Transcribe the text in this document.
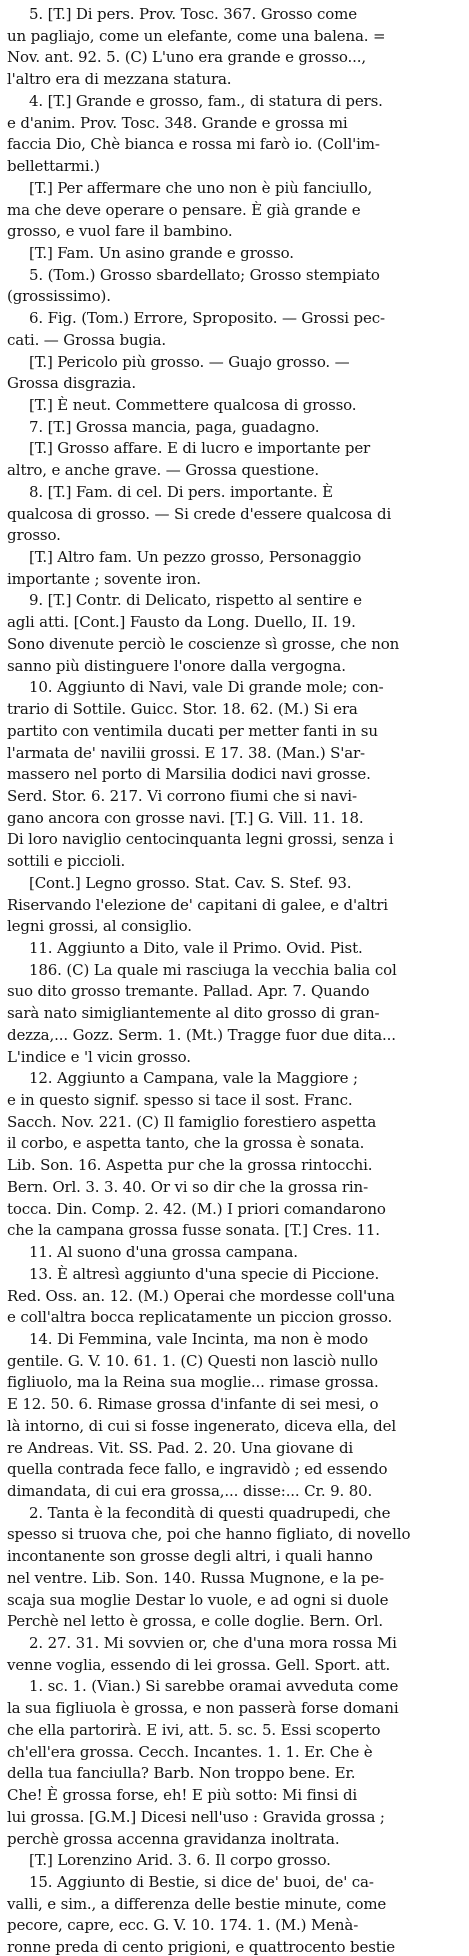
5. [T.] Di pers. Prov. Tosc. 367. Grosso come
un pagliajo, come un elefante, come una balena. =
Nov. ant. 92. 5. (C) L'uno era grande e grosso...,
l'altro era di mezzana statura.
4. [T.] Grande e grosso, fam., di statura di pers.
e d'anim. Prov. Tosc. 348. Grande e grossa mi
faccia Dio, Chè bianca e rossa mi farò io. (Coll'im-
bellettarmi.)
[T.] Per affermare che uno non è più fanciullo,
ma che deve operare o pensare. È già grande e
grosso, e vuol fare il bambino.
[T.] Fam. Un asino grande e grosso.
5. (Tom.) Grosso sbardellato; Grosso stempiato
(grossissimo).
6. Fig. (Tom.) Errore, Sproposito. — Grossi pec-
cati. — Grossa bugia.
[T.] Pericolo più grosso. — Guajo grosso. —
Grossa disgrazia.
[T.] È neut. Commettere qualcosa di grosso.
7. [T.] Grossa mancia, paga, guadagno.
[T.] Grosso affare. E di lucro e importante per
altro, e anche grave. — Grossa questione.
8. [T.] Fam. di cel. Di pers. importante. È
qualcosa di grosso. — Si crede d'essere qualcosa di
grosso.
[T.] Altro fam. Un pezzo grosso, Personaggio
importante ; sovente iron.
9. [T.] Contr. di Delicato, rispetto al sentire e
agli atti. [Cont.] Fausto da Long. Duello, II. 19.
Sono divenute perciò le coscienze sì grosse, che non
sanno più distinguere l'onore dalla vergogna.
10. Aggiunto di Navi, vale Di grande mole; con-
trario di Sottile. Guicc. Stor. 18. 62. (M.) Si era
partito con ventimila ducati per metter fanti in su
l'armata de' navilii grossi. E 17. 38. (Man.) S'ar-
massero nel porto di Marsilia dodici navi grosse.
Serd. Stor. 6. 217. Vi corrono fiumi che si navi-
gano ancora con grosse navi. [T.] G. Vill. 11. 18.
Di loro naviglio centocinquanta legni grossi, senza i
sottili e piccioli.
[Cont.] Legno grosso. Stat. Cav. S. Stef. 93.
Riservando l'elezione de' capitani di galee, e d'altri
legni grossi, al consiglio.
11. Aggiunto a Dito, vale il Primo. Ovid. Pist.
186. (C) La quale mi rasciuga la vecchia balia col
suo dito grosso tremante. Pallad. Apr. 7. Quando
sarà nato simigliantemente al dito grosso di gran-
dezza,... Gozz. Serm. 1. (Mt.) Tragge fuor due dita...
L'indice e 'l vicin grosso.
12. Aggiunto a Campana, vale la Maggiore ;
e in questo signif. spesso si tace il sost. Franc.
Sacch. Nov. 221. (C) Il famiglio forestiero aspetta
il corbo, e aspetta tanto, che la grossa è sonata.
Lib. Son. 16. Aspetta pur che la grossa rintocchi.
Bern. Orl. 3. 3. 40. Or vi so dir che la grossa rin-
tocca. Din. Comp. 2. 42. (M.) I priori comandarono
che la campana grossa fusse sonata. [T.] Cres. 11.
11. Al suono d'una grossa campana.
13. È altresì aggiunto d'una specie di Piccione.
Red. Oss. an. 12. (M.) Operai che mordesse coll'una
e coll'altra bocca replicatamente un piccion grosso.
14. Di Femmina, vale Incinta, ma non è modo
gentile. G. V. 10. 61. 1. (C) Questi non lasciò nullo
figliuolo, ma la Reina sua moglie... rimase grossa.
E 12. 50. 6. Rimase grossa d'infante di sei mesi, o
là intorno, di cui si fosse ingenerato, diceva ella, del
re Andreas. Vit. SS. Pad. 2. 20. Una giovane di
quella contrada fece fallo, e ingravidò ; ed essendo
dimandata, di cui era grossa,... disse:... Cr. 9. 80.
2. Tanta è la fecondità di questi quadrupedi, che
spesso si truova che, poi che hanno figliato, di novello
incontanente son grosse degli altri, i quali hanno
nel ventre. Lib. Son. 140. Russa Mugnone, e la pe-
scaja sua moglie Destar lo vuole, e ad ogni si duole
Perchè nel letto è grossa, e colle doglie. Bern. Orl.
2. 27. 31. Mi sovvien or, che d'una mora rossa Mi
venne voglia, essendo di lei grossa. Gell. Sport. att.
1. sc. 1. (Vian.) Si sarebbe oramai avveduta come
la sua figliuola è grossa, e non passerà forse domani
che ella partorirà. E ivi, att. 5. sc. 5. Essi scoperto
ch'ell'era grossa. Cecch. Incantes. 1. 1. Er. Che è
della tua fanciulla? Barb. Non troppo bene. Er.
Che! È grossa forse, eh! E più sotto: Mi finsi di
lui grossa. [G.M.] Dicesi nell'uso : Gravida grossa ;
perchè grossa accenna gravidanza inoltrata.
[T.] Lorenzino Arid. 3. 6. Il corpo grosso.
15. Aggiunto di Bestie, si dice de' buoi, de' ca-
valli, e sim., a differenza delle bestie minute, come
pecore, capre, ecc. G. V. 10. 174. 1. (M.) Menà-
ronne preda di cento prigioni, e quattrocento bestie
